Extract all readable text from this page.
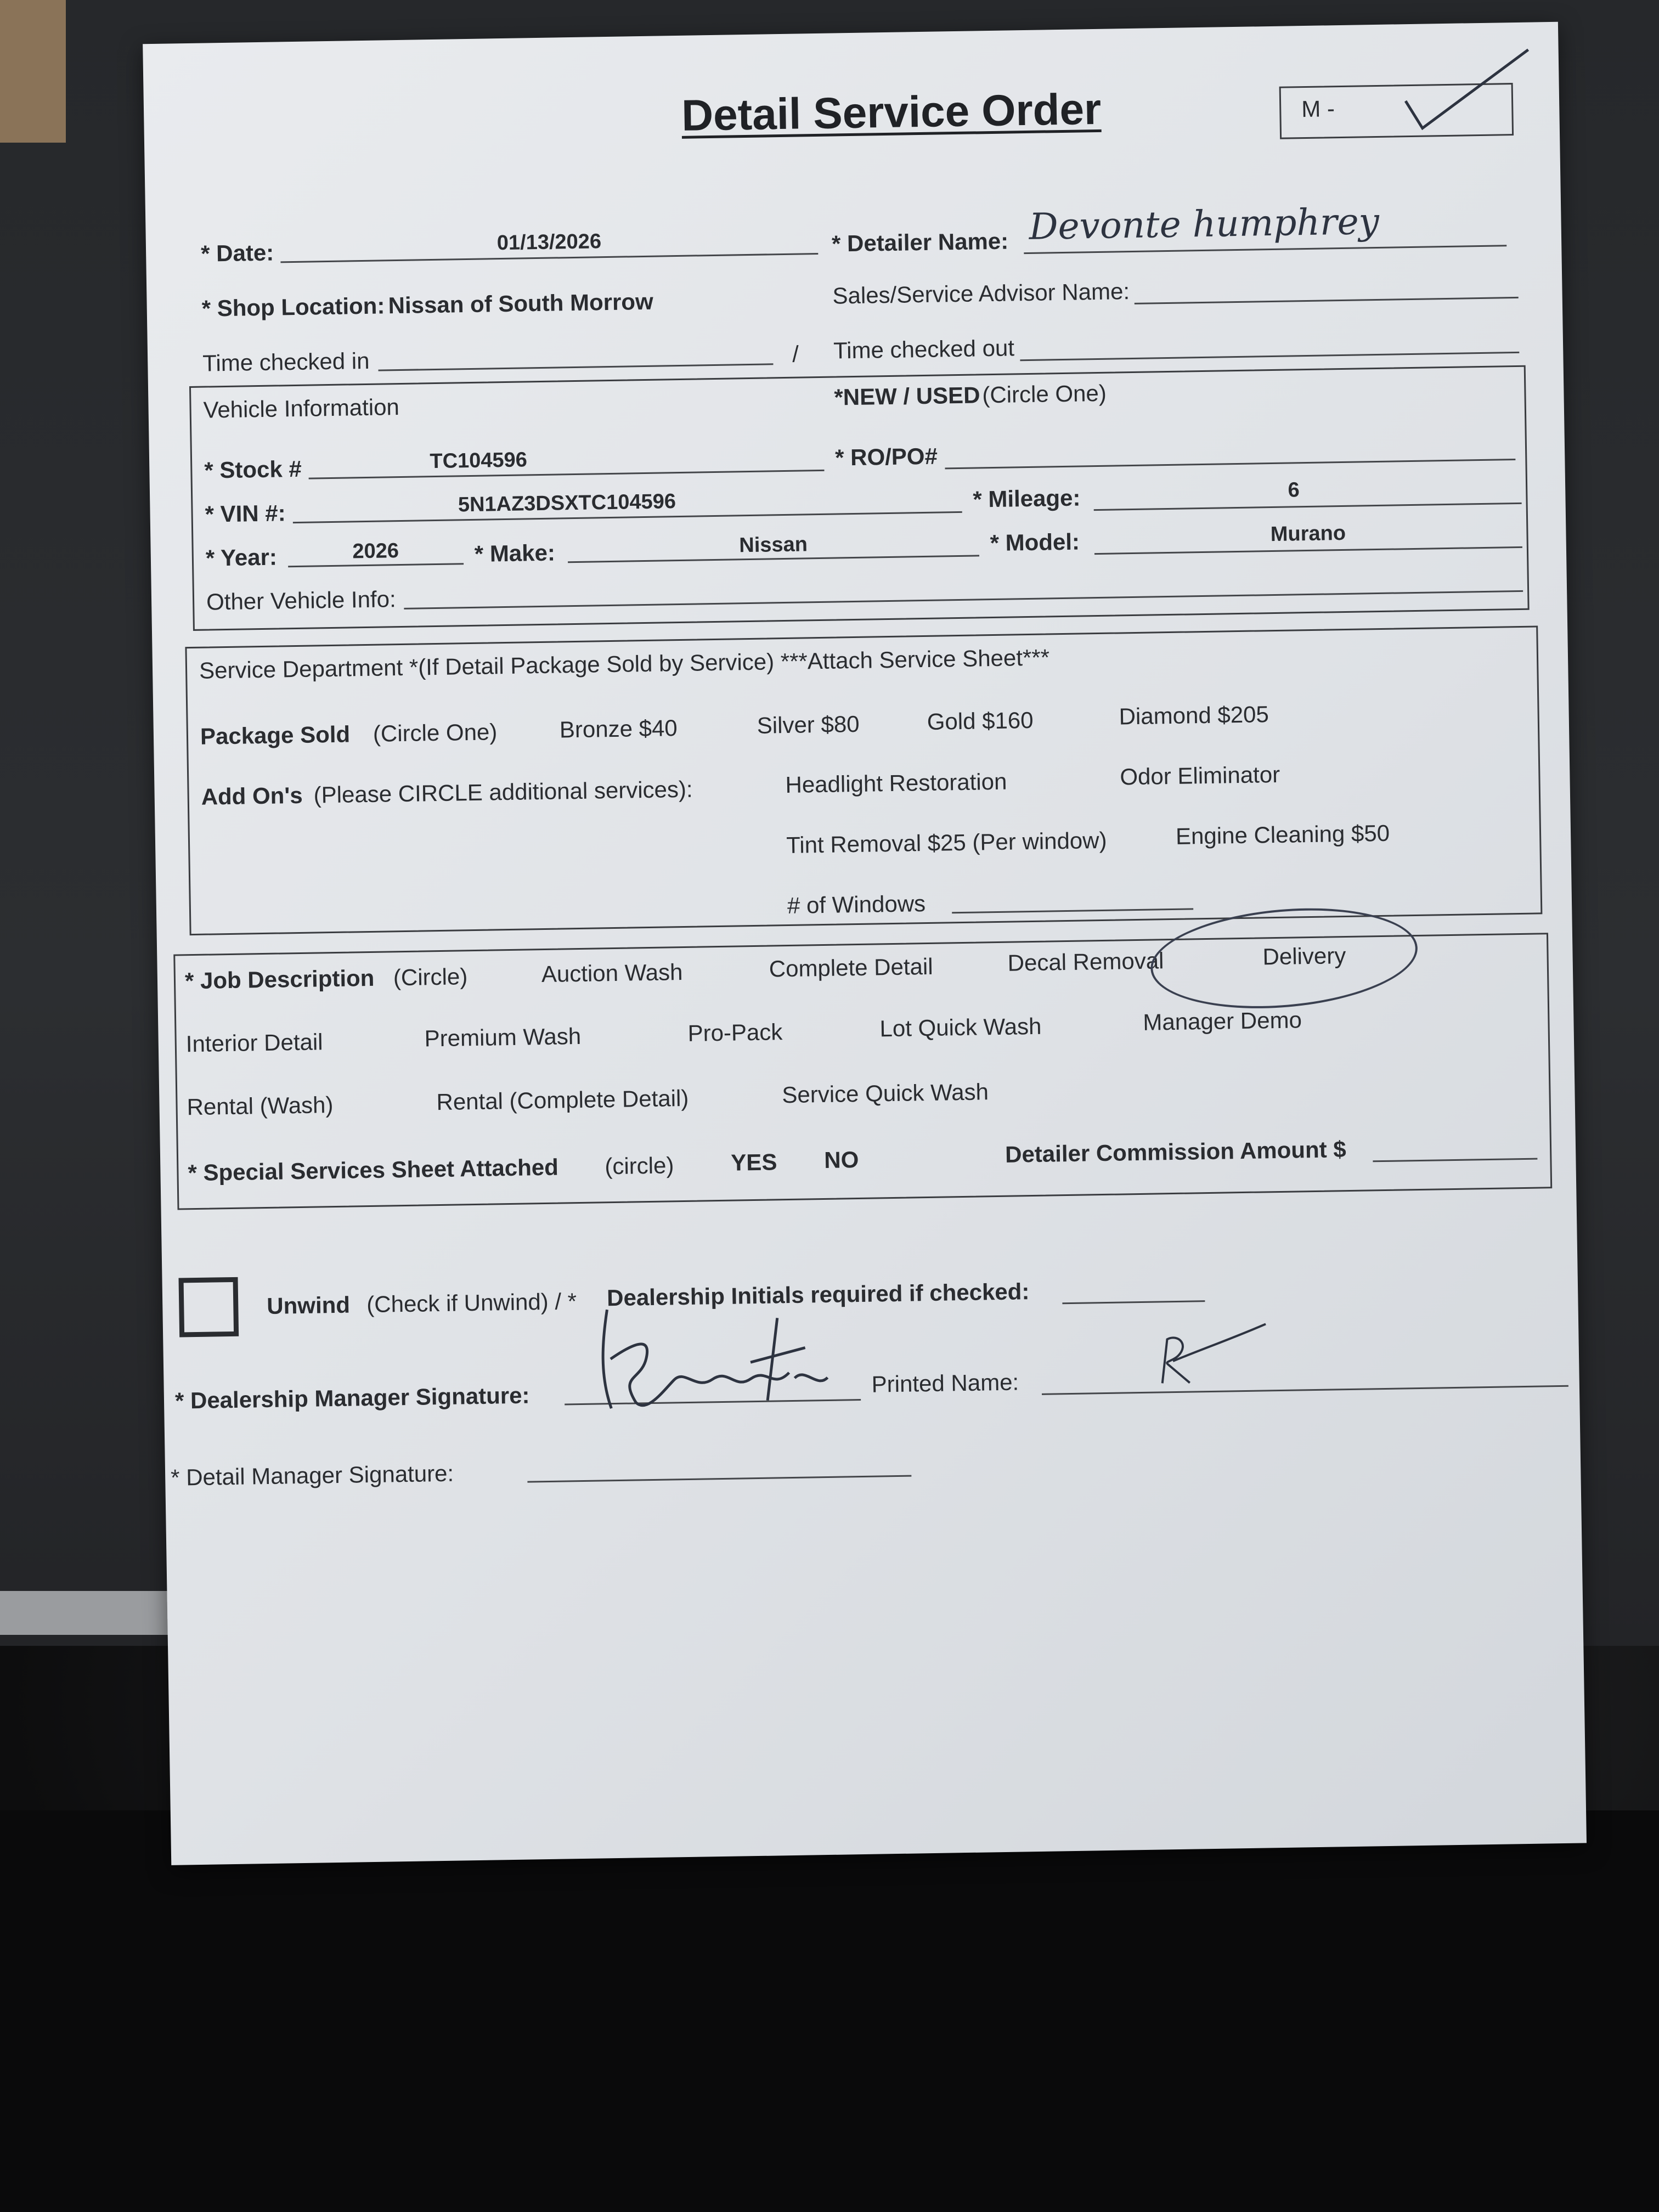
Detail Service Order	M -
* Date:	01/13/2026	* Detailer Name: Devonte humphrey
* Shop Location: Nissan of South Morrow	Sales/Service Advisor Name:
Time checked in	/ Time checked out
Vehicle Information	*NEW / USED (Circle One)
* Stock #	TC104596	* RO/PO#
* VIN #:	5N1AZ3DSXTC104596	* Mileage:	6
* Year:	2026	* Make:	Nissan	* Model:	Murano
Other Vehicle Info:
Service Department *(If Detail Package Sold by Service) ***Attach Service Sheet***
Package Sold (Circle One)	Bronze $40	Silver $80	Gold $160	Diamond $205
Add On's (Please CIRCLE additional services):	Headlight Restoration	Odor Eliminator
Tint Removal $25 (Per window)	Engine Cleaning $50
# of Windows
* Job Description (Circle)	Auction Wash	Complete Detail	Decal Removal	Delivery
Interior Detail	Premium Wash	Pro-Pack	Lot Quick Wash	Manager Demo
Rental (Wash)	Rental (Complete Detail)	Service Quick Wash
* Special Services Sheet Attached (circle) YES NO	Detailer Commission Amount $
Unwind (Check if Unwind) / * Dealership Initials required if checked:
* Dealership Manager Signature:	Printed Name:
* Detail Manager Signature:
